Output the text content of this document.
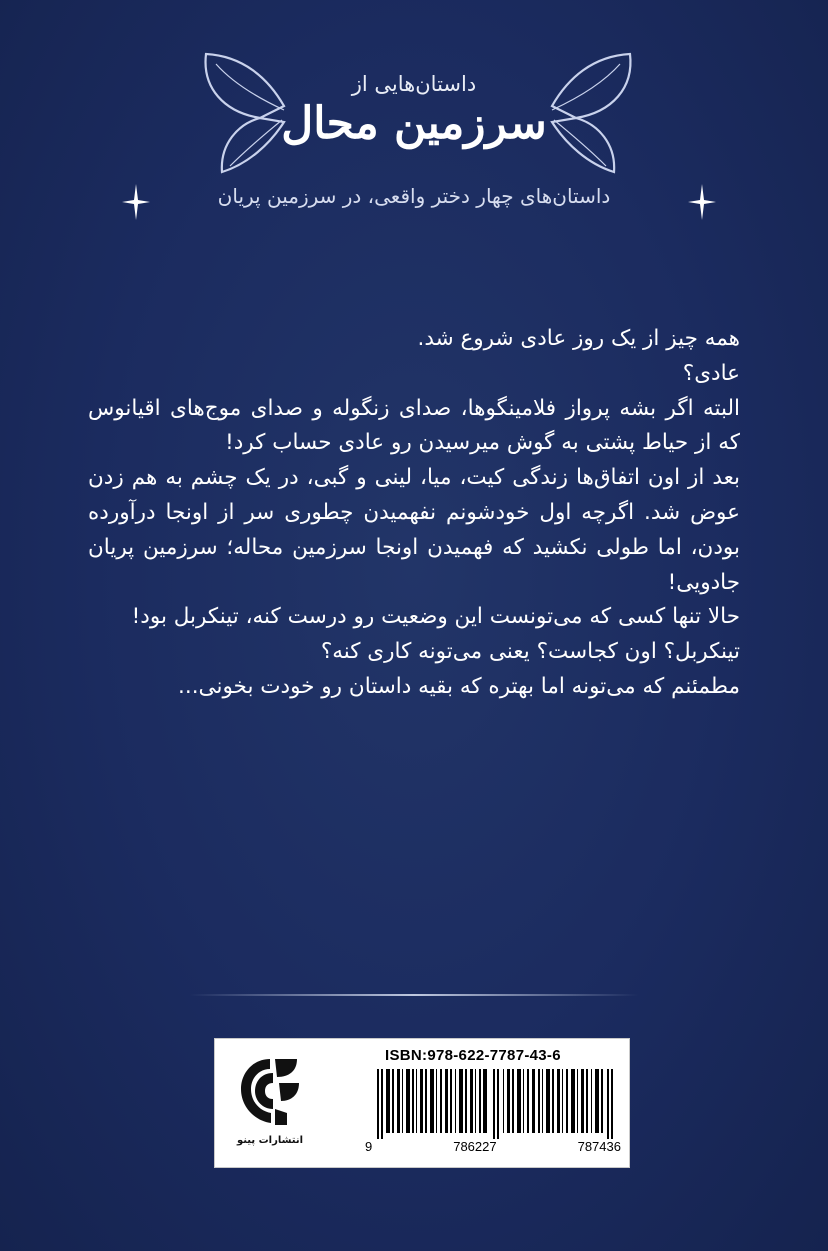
داستان‌هایی از
سرزمین محال
داستان‌های چهار دختر واقعی، در سرزمین پریان

همه چیز از یک روز عادی شروع شد.

عادی؟

البته اگر بشه پرواز فلامینگوها، صدای زنگوله و صدای موج‌های اقیانوس که از حیاط پشتی به گوش میرسیدن رو عادی حساب کرد!

بعد از اون اتفاق‌ها زندگی کیت، میا، لینی و گبی، در یک چشم به هم زدن عوض شد. اگرچه اول خودشونم نفهمیدن چطوری سر از اونجا درآورده بودن، اما طولی نکشید که فهمیدن اونجا سرزمین محاله؛ سرزمین پریان جادویی!

حالا تنها کسی که می‌تونست این وضعیت رو درست کنه، تینکربل بود!

تینکربل؟ اون کجاست؟ یعنی می‌تونه کاری کنه؟

مطمئنم که می‌تونه اما بهتره که بقیه داستان رو خودت بخونی...

انتشارات پینو
ISBN:978-622-7787-43-6
9	786227	787436
